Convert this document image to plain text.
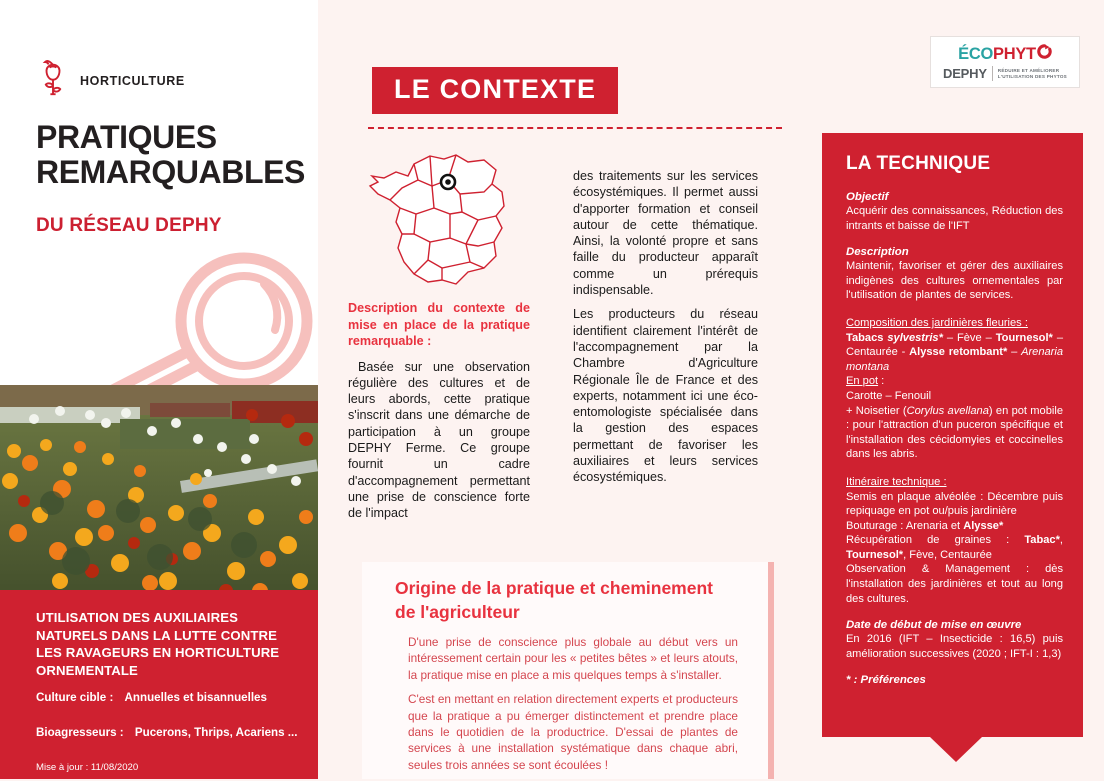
HORTICULTURE
PRATIQUES
REMARQUABLES
DU RÉSEAU DEPHY
UTILISATION DES AUXILIAIRES NATURELS DANS LA LUTTE CONTRE LES RAVAGEURS EN HORTICULTURE ORNEMENTALE
Culture cible : Annuelles et bisannuelles
Bioagresseurs : Pucerons, Thrips, Acariens ...
Mise à jour : 11/08/2020
LE CONTEXTE
Description du contexte de mise en place de la pratique remarquable :

Basée sur une observation régulière des cultures et de leurs abords, cette pratique s'inscrit dans une démarche de participation à un groupe DEPHY Ferme. Ce groupe fournit un cadre d'accompagnement permettant une prise de conscience forte de l'impact

des traitements sur les services écosystémiques. Il permet aussi d'apporter formation et conseil autour de cette thématique. Ainsi, la volonté propre et sans faille du producteur apparaît comme un prérequis indispensable.

Les producteurs du réseau identifient clairement l'intérêt de l'accompagnement par la Chambre d'Agriculture Régionale Île de France et des experts, notamment ici une éco-entomologiste spécialisée dans la gestion des espaces permettant de favoriser les auxiliaires et leurs services écosystémiques.

Origine de la pratique et cheminement de l'agriculteur

D'une prise de conscience plus globale au début vers un intéressement certain pour les « petites bêtes » et leurs atouts, la pratique mise en place a mis quelques temps à s'installer.

C'est en mettant en relation directement experts et producteurs que la pratique a pu émerger distinctement et prendre place dans le quotidien de la productrice. D'essai de plantes de services à une installation systématique dans chaque abri, seules trois années se sont écoulées !

ÉCO PHYT
DEPHY RÉDUIRE ET AMÉLIORER
L'UTILISATION DES PHYTOS
LA TECHNIQUE
Objectif

Acquérir des connaissances, Réduction des intrants et baisse de l'IFT

Description

Maintenir, favoriser et gérer des auxiliaires indigènes des cultures ornementales par l'utilisation de plantes de services.

Composition des jardinières fleuries :
Tabacs sylvestris* – Fève – Tournesol* – Centaurée - Alysse retombant* – Arenaria montana
En pot :
Carotte – Fenouil
+ Noisetier (Corylus avellana) en pot mobile : pour l'attraction d'un puceron spécifique et l'installation des cécidomyies et coccinelles dans les abris.
Itinéraire technique :
Semis en plaque alvéolée : Décembre puis repiquage en pot ou/puis jardinière
Bouturage : Arenaria et Alysse*
Récupération de graines : Tabac*, Tournesol*, Fève, Centaurée
Observation & Management : dès l'installation des jardinières et tout au long des cultures.
Date de début de mise en œuvre

En 2016 (IFT – Insecticide : 16,5) puis amélioration successives (2020 ; IFT-I : 1,3)

* : Préférences
